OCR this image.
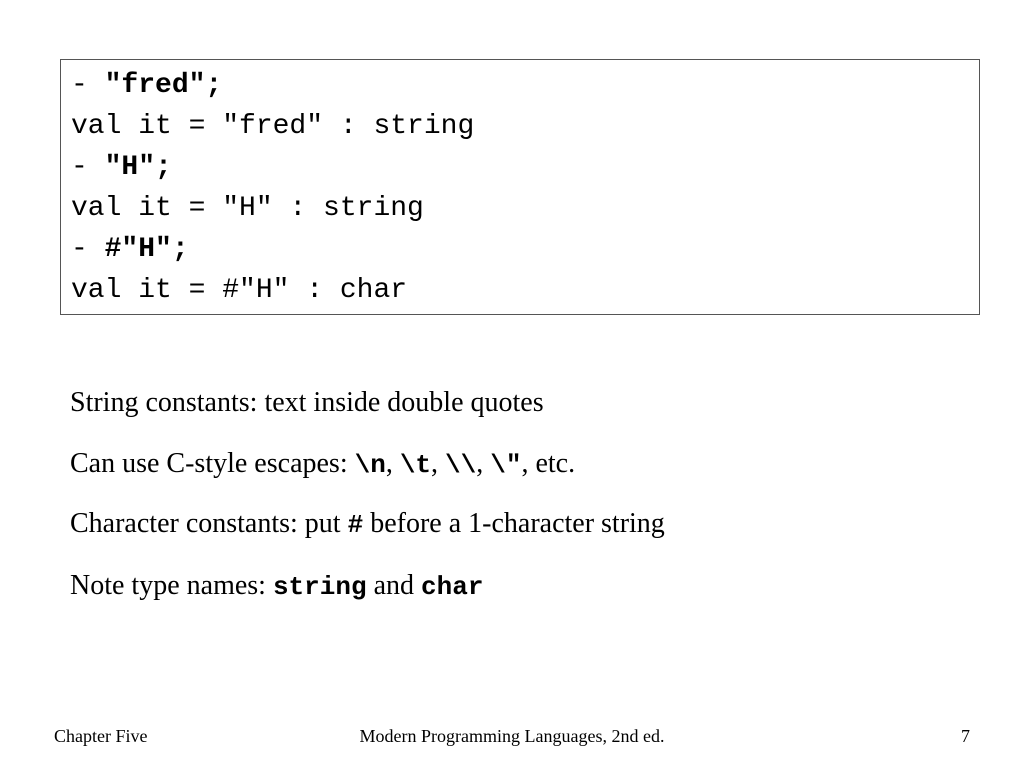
- "fred";
val it = "fred" : string
- "H";
val it = "H" : string
- #"H";
val it = #"H" : char
String constants: text inside double quotes
Can use C-style escapes: \n, \t, \\, \", etc.
Character constants: put # before a 1-character string
Note type names: string and char
Chapter Five	Modern Programming Languages, 2nd ed.	7
